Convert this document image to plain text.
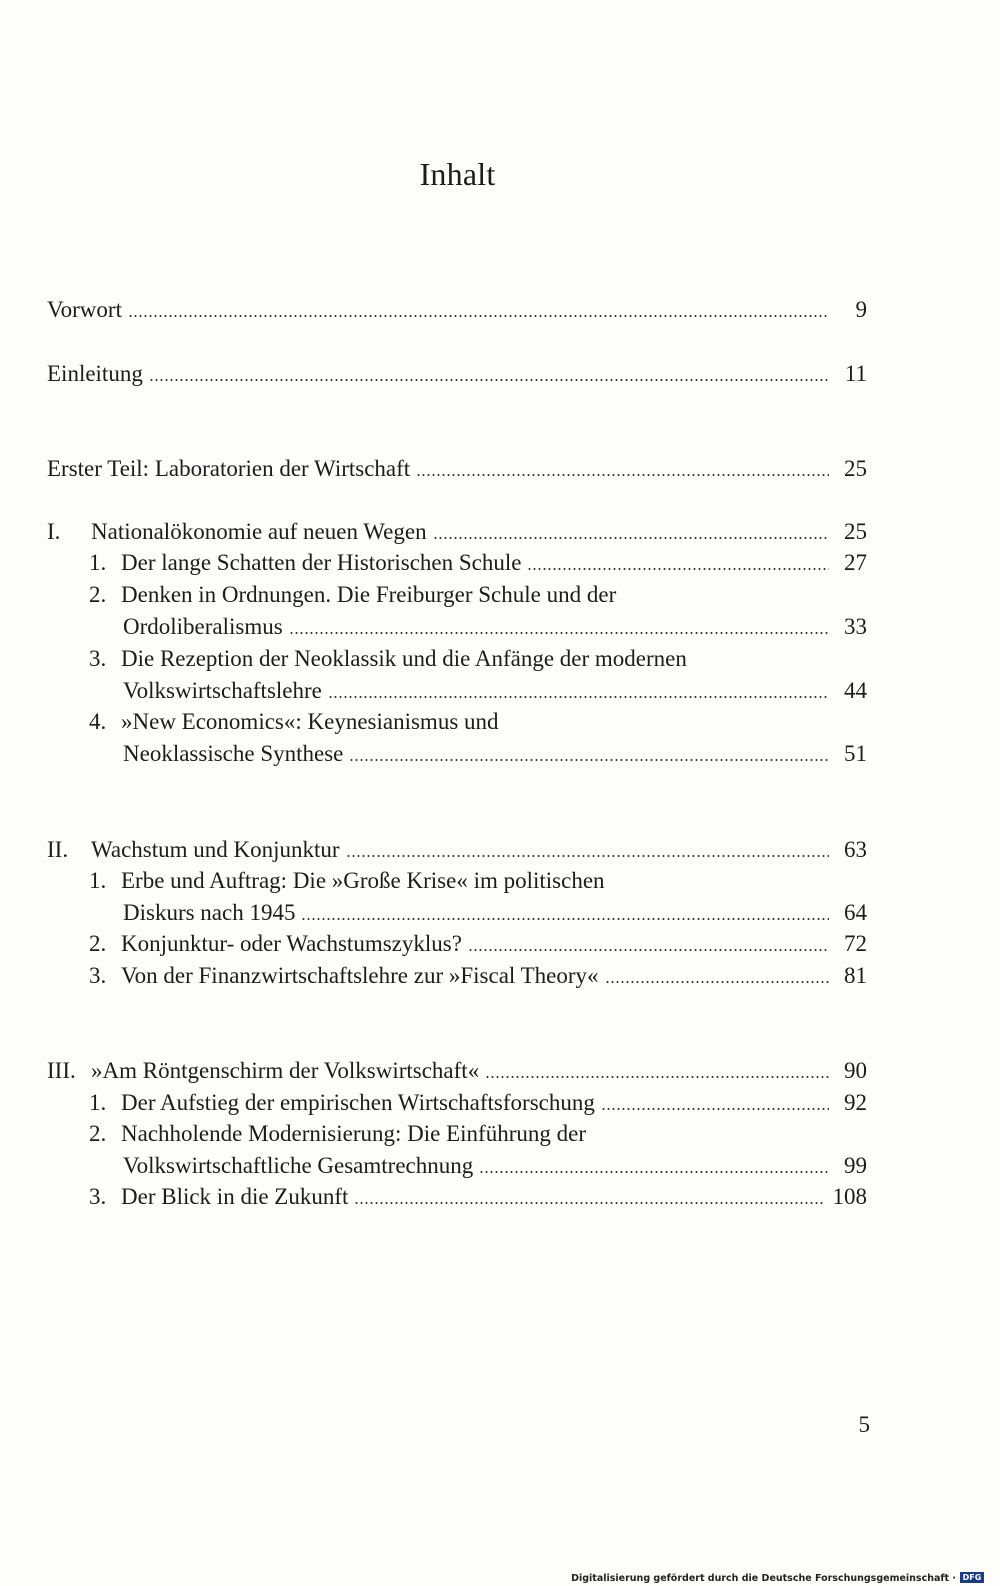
Inhalt
Vorwort	9
Einleitung	11
Erster Teil: Laboratorien der Wirtschaft	25
I.	Nationalökonomie auf neuen Wegen	25
1. Der lange Schatten der Historischen Schule	27
2. Denken in Ordnungen. Die Freiburger Schule und der
Ordoliberalismus	33
3. Die Rezeption der Neoklassik und die Anfänge der modernen
Volkswirtschaftslehre	44
4. »New Economics«: Keynesianismus und
Neoklassische Synthese	51
II. Wachstum und Konjunktur	63
1. Erbe und Auftrag: Die »Große Krise« im politischen
Diskurs nach 1945	64
2. Konjunktur- oder Wachstumszyklus?	72
3. Von der Finanzwirtschaftslehre zur »Fiscal Theory«	81
III. »Am Röntgenschirm der Volkswirtschaft«	90
1. Der Aufstieg der empirischen Wirtschaftsforschung	92
2. Nachholende Modernisierung: Die Einführung der
Volkswirtschaftliche Gesamtrechnung	99
3. Der Blick in die Zukunft	108
5
Digitalisierung gefördert durch die Deutsche Forschungsgemeinschaft · DFG
